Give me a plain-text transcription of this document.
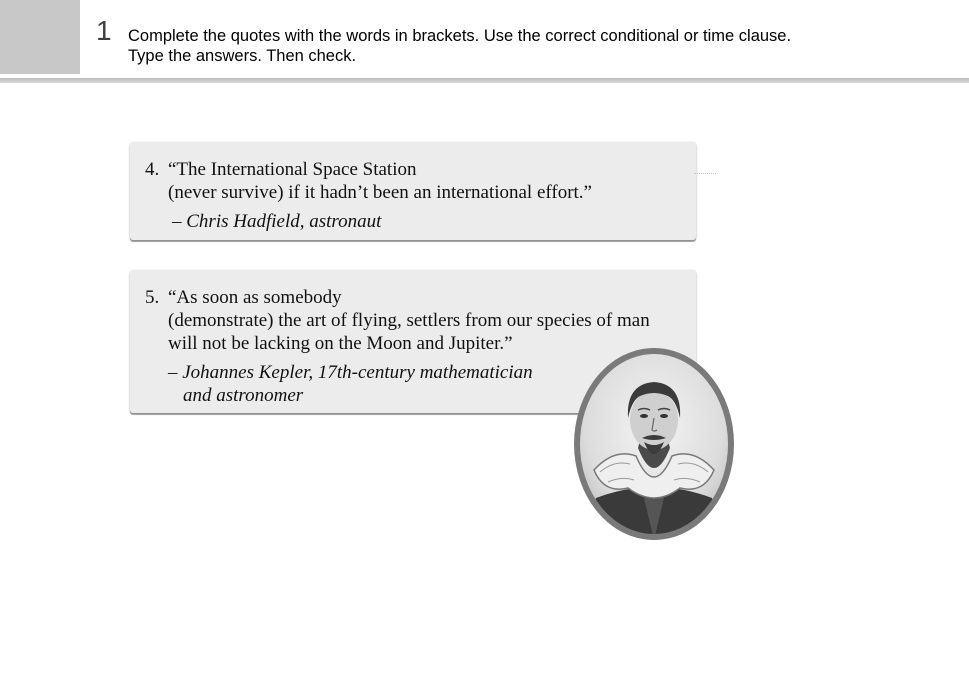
1 Complete the quotes with the words in brackets. Use the correct conditional or time clause.
Type the answers. Then check.
4. “The International Space Station
(never survive) if it hadn’t been an international effort.”
– Chris Hadfield, astronaut
5. “As soon as somebody
(demonstrate) the art of flying, settlers from our species of man
will not be lacking on the Moon and Jupiter.”
– Johannes Kepler, 17th-century mathematician
and astronomer
